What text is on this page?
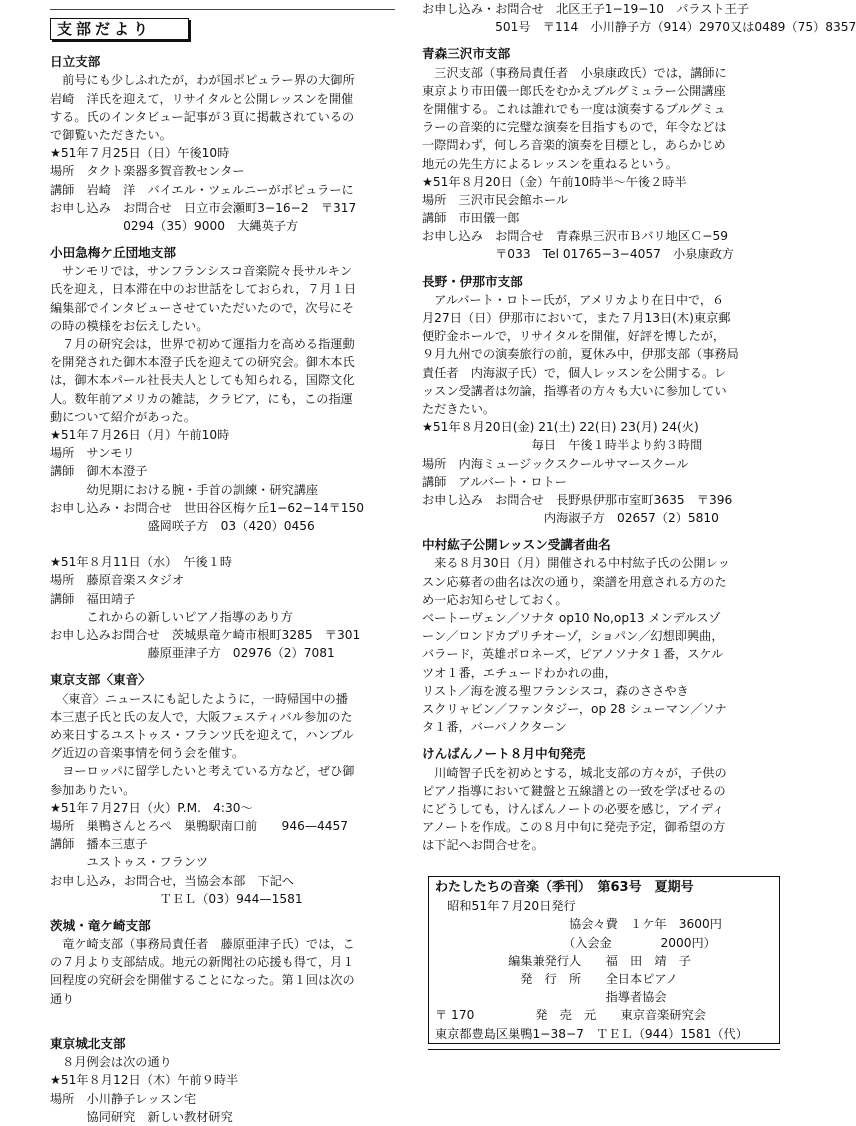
支部だより
日立支部
　前号にも少しふれたが，わが国ポピュラー界の大御所
岩崎　洋氏を迎えて，リサイタルと公開レッスンを開催
する。氏のインタビュー記事が３頁に掲載されているの
で御覧いただきたい。
★51年７月25日（日）午後10時
場所　タクト楽器多賀音教センター
講師　岩崎　洋　バイエル・ツェルニーがポピュラーに
お申し込み　お問合せ　日立市会瀬町3−16−2　〒317
　　　　　　0294（35）9000　大縄英子方
小田急梅ケ丘団地支部
　サンモリでは，サンフランシスコ音楽院々長サルキン
氏を迎え，日本滞在中のお世話をしておられ，７月１日
編集部でインタビューさせていただいたので，次号にそ
の時の模様をお伝えしたい。
　７月の研究会は，世界で初めて運指力を高める指運動
を開発された御木本澄子氏を迎えての研究会。御木本氏
は，御木本パール社長夫人としても知られる，国際文化
人。数年前アメリカの雑誌，クラビア，にも，この指運
動について紹介があった。
★51年７月26日（月）午前10時
場所　サンモリ
講師　御木本澄子
　　　幼児期における腕・手首の訓練・研究講座
お申し込み・お問合せ　世田谷区梅ケ丘1−62−14〒150
　　　　　　　　盛岡咲子方　03（420）0456
★51年８月11日（水）　午後１時
場所　藤原音楽スタジオ
講師　福田靖子
　　　これからの新しいピアノ指導のあり方
お申し込みお問合せ　茨城県竜ケ崎市根町3285　〒301
　　　　　　　　藤原亜津子方　02976（2）7081
東京支部〈東音〉
　〈東音〉ニュースにも記したように，一時帰国中の播
本三恵子氏と氏の友人で，大阪フェスティバル参加のた
め来日するユストゥス・フランツ氏を迎えて，ハンブル
グ近辺の音楽事情を伺う会を催す。
　ヨーロッパに留学したいと考えている方など，ぜひ御
参加ありたい。
★51年７月27日（火）P.M.　4:30〜
場所　巣鴨さんとろぺ　巣鴨駅南口前　　946—4457
講師　播本三恵子
　　　ユストゥス・フランツ
お申し込み，お問合せ，当協会本部　下記へ
　　　　　　　　　ＴＥＬ（03）944—1581
茨城・竜ケ崎支部
　竜ケ崎支部（事務局責任者　藤原亜津子氏）では，こ
の７月より支部結成。地元の新聞社の応援も得て，月１
回程度の究研会を開催することになった。第１回は次の
通り
東京城北支部
　８月例会は次の通り
★51年８月12日（木）午前９時半
場所　小川静子レッスン宅
　　　協同研究　新しい教材研究
お申し込み・お問合せ　北区王子1−19−10　パラスト王子
　　　　　　501号　〒114　小川静子方（914）2970又は0489（75）8357
青森三沢市支部
　三沢支部（事務局責任者　小泉康政氏）では，講師に
東京より市田儀一郎氏をむかえブルグミュラー公開講座
を開催する。これは誰れでも一度は演奏するブルグミュ
ラーの音楽的に完璧な演奏を目指すもので，年令などは
一際問わず，何しろ音楽的演奏を目標とし，あらかじめ
地元の先生方によるレッスンを重ねるという。
★51年８月20日（金）午前10時半〜午後２時半
場所　三沢市民会館ホール
講師　市田儀一郎
お申し込み　お問合せ　青森県三沢市Ｂバリ地区Ｃ−59
　　　　　　〒033　Tel 01765−3−4057　小泉康政方
長野・伊那市支部
　アルバート・ロトー氏が，アメリカより在日中で，６
月27日（日）伊那市において，また７月13日(木)東京郵
便貯金ホールで，リサイタルを開催，好評を博したが，
９月九州での演奏旅行の前，夏休み中，伊那支部（事務局
責任者　内海淑子氏）で，個人レッスンを公開する。レ
ッスン受講者は勿論，指導者の方々も大いに参加してい
ただきたい。
★51年８月20日(金) 21(土) 22(日) 23(月) 24(火)
　　　　　　　　　毎日　午後１時半より約３時間
場所　内海ミュージックスクールサマースクール
講師　アルバート・ロトー
お申し込み　お問合せ　長野県伊那市室町3635　〒396
　　　　　　　　　　内海淑子方　02657（2）5810
中村紘子公開レッスン受講者曲名
　来る８月30日（月）開催される中村紘子氏の公開レッ
スン応募者の曲名は次の通り，楽譜を用意される方のた
め一応お知らせしておく。
ベートーヴェン／ソナタ op10 No,op13 メンデルスゾ
ーン／ロンドカプリチオーゾ，ショパン／幻想即興曲，
バラード，英雄ポロネーズ，ピアノソナタ１番，スケル
ツオ１番，エチュードわかれの曲，
リスト／海を渡る聖フランシスコ，森のささやき
スクリャビン／ファンタジー，op 28 シューマン／ソナ
タ１番，バーバノクターン
けんばんノート８月中旬発売
　川崎智子氏を初めとする，城北支部の方々が，子供の
ピアノ指導において鍵盤と五線譜との一致を学ばせるの
にどうしても，けんばんノートの必要を感じ，アイディ
アノートを作成。この８月中旬に発売予定，御希望の方
は下記へお問合せを。
わたしたちの音楽（季刊）　第63号　夏期号
　昭和51年７月20日発行
　　　　　　　　　　　協会々費　１ケ年　3600円
　　　　　　　　　　　（入会金　　　　2000円）
　　　　　　編集兼発行人　　福　田　靖　子
　　　　　　　発　行　所　　全日本ピアノ
　　　　　　　　　　　　　　指導者協会
〒 170　　　　　発　売　元　　東京音楽研究会
東京都豊島区巣鴨1−38−7　ＴＥＬ（944）1581（代）
